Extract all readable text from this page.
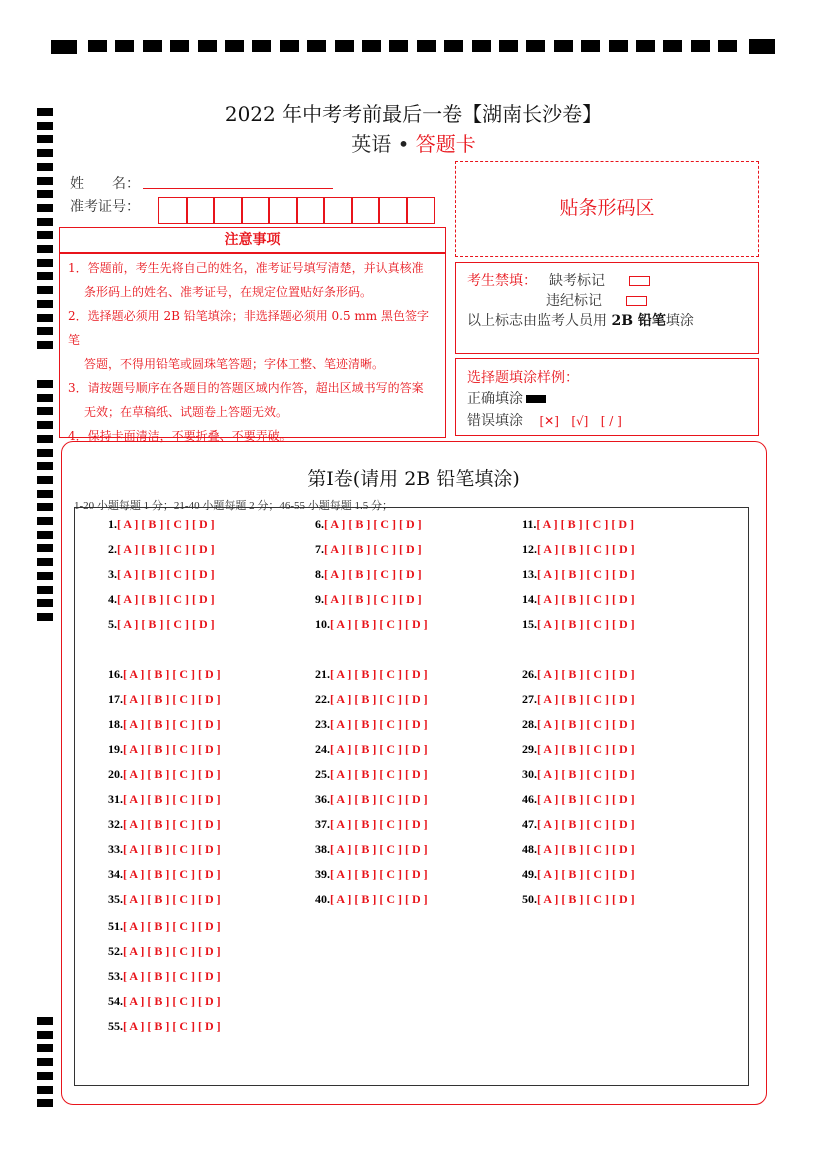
2022 年中考考前最后一卷【湖南长沙卷】
英语 • 答题卡
姓　　名：
准考证号：
注意事项

1．答题前，考生先将自己的姓名，准考证号填写清楚，并认真核准

条形码上的姓名、准考证号，在规定位置贴好条形码。

2．选择题必须用 2B 铅笔填涂；非选择题必须用 0.5 mm 黑色签字笔

答题，不得用铅笔或圆珠笔答题；字体工整、笔迹清晰。

3．请按题号顺序在各题目的答题区域内作答，超出区域书写的答案

无效；在草稿纸、试题卷上答题无效。

4．保持卡面清洁，不要折叠、不要弄破。

贴条形码区
考生禁填： 缺考标记
违纪标记
以上标志由监考人员用 2B 铅笔填涂
选择题填涂样例：
正确填涂
错误填涂 [✕] [√] [ / ]
第Ⅰ卷(请用 2B 铅笔填涂)
1-20 小题每题 1 分；21-40 小题每题 2 分；46-55 小题每题 1.5 分；
1.[ A ] [ B ] [ C ] [ D ]
2.[ A ] [ B ] [ C ] [ D ]
3.[ A ] [ B ] [ C ] [ D ]
4.[ A ] [ B ] [ C ] [ D ]
5.[ A ] [ B ] [ C ] [ D ]
6.[ A ] [ B ] [ C ] [ D ]
7.[ A ] [ B ] [ C ] [ D ]
8.[ A ] [ B ] [ C ] [ D ]
9.[ A ] [ B ] [ C ] [ D ]
10.[ A ] [ B ] [ C ] [ D ]
11.[ A ] [ B ] [ C ] [ D ]
12.[ A ] [ B ] [ C ] [ D ]
13.[ A ] [ B ] [ C ] [ D ]
14.[ A ] [ B ] [ C ] [ D ]
15.[ A ] [ B ] [ C ] [ D ]
16.[ A ] [ B ] [ C ] [ D ]
17.[ A ] [ B ] [ C ] [ D ]
18.[ A ] [ B ] [ C ] [ D ]
19.[ A ] [ B ] [ C ] [ D ]
20.[ A ] [ B ] [ C ] [ D ]
31.[ A ] [ B ] [ C ] [ D ]
32.[ A ] [ B ] [ C ] [ D ]
33.[ A ] [ B ] [ C ] [ D ]
34.[ A ] [ B ] [ C ] [ D ]
35.[ A ] [ B ] [ C ] [ D ]
21.[ A ] [ B ] [ C ] [ D ]
22.[ A ] [ B ] [ C ] [ D ]
23.[ A ] [ B ] [ C ] [ D ]
24.[ A ] [ B ] [ C ] [ D ]
25.[ A ] [ B ] [ C ] [ D ]
36.[ A ] [ B ] [ C ] [ D ]
37.[ A ] [ B ] [ C ] [ D ]
38.[ A ] [ B ] [ C ] [ D ]
39.[ A ] [ B ] [ C ] [ D ]
40.[ A ] [ B ] [ C ] [ D ]
26.[ A ] [ B ] [ C ] [ D ]
27.[ A ] [ B ] [ C ] [ D ]
28.[ A ] [ B ] [ C ] [ D ]
29.[ A ] [ B ] [ C ] [ D ]
30.[ A ] [ B ] [ C ] [ D ]
46.[ A ] [ B ] [ C ] [ D ]
47.[ A ] [ B ] [ C ] [ D ]
48.[ A ] [ B ] [ C ] [ D ]
49.[ A ] [ B ] [ C ] [ D ]
50.[ A ] [ B ] [ C ] [ D ]
51.[ A ] [ B ] [ C ] [ D ]
52.[ A ] [ B ] [ C ] [ D ]
53.[ A ] [ B ] [ C ] [ D ]
54.[ A ] [ B ] [ C ] [ D ]
55.[ A ] [ B ] [ C ] [ D ]
